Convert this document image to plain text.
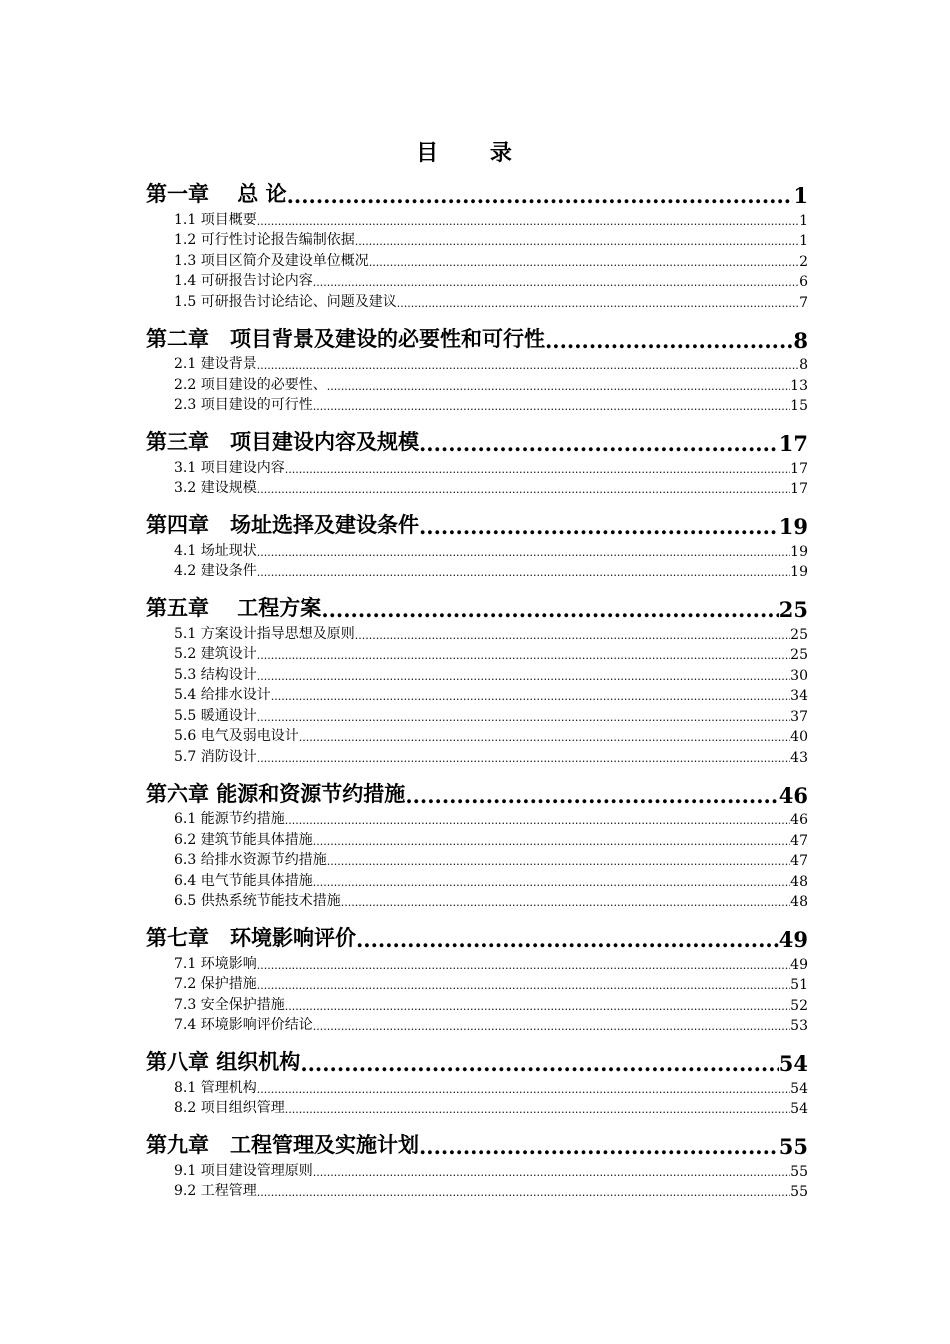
目 录
第一章　 总 论 .....	1
1.1 项目概要 .....	1
1.2 可行性讨论报告编制依据 .....	1
1.3 项目区简介及建设单位概况 .....	2
1.4 可研报告讨论内容 .....	6
1.5 可研报告讨论结论、问题及建议 .....	7
第二章　项目背景及建设的必要性和可行性 .....	8
2.1 建设背景 .....	8
2.2 项目建设的必要性、 .....	13
2.3 项目建设的可行性 .....	15
第三章　项目建设内容及规模 .....	17
3.1 项目建设内容 .....	17
3.2 建设规模 .....	17
第四章　场址选择及建设条件 .....	19
4.1 场址现状 .....	19
4.2 建设条件 .....	19
第五章　 工程方案 .....	25
5.1 方案设计指导思想及原则 .....	25
5.2 建筑设计 .....	25
5.3 结构设计 .....	30
5.4 给排水设计 .....	34
5.5 暖通设计 .....	37
5.6 电气及弱电设计 .....	40
5.7 消防设计 .....	43
第六章 能源和资源节约措施 .....	46
6.1 能源节约措施 .....	46
6.2 建筑节能具体措施 .....	47
6.3 给排水资源节约措施 .....	47
6.4 电气节能具体措施 .....	48
6.5 供热系统节能技术措施 .....	48
第七章　环境影响评价 .....	49
7.1 环境影响 .....	49
7.2 保护措施 .....	51
7.3 安全保护措施 .....	52
7.4 环境影响评价结论 .....	53
第八章 组织机构 .....	54
8.1 管理机构 .....	54
8.2 项目组织管理 .....	54
第九章　工程管理及实施计划 .....	55
9.1 项目建设管理原则 .....	55
9.2 工程管理 .....	55
